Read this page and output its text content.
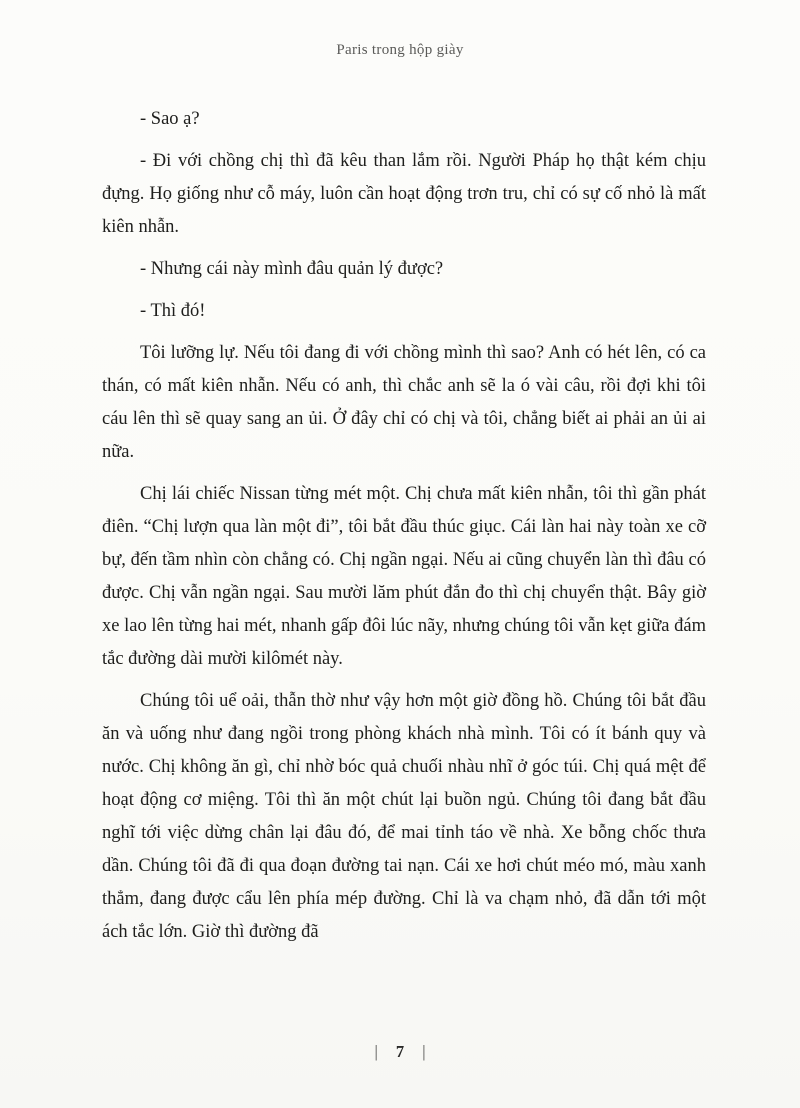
Paris trong hộp giày

- Sao ạ?

- Đi với chồng chị thì đã kêu than lắm rồi. Người Pháp họ thật kém chịu đựng. Họ giống như cỗ máy, luôn cần hoạt động trơn tru, chỉ có sự cố nhỏ là mất kiên nhẫn.

- Nhưng cái này mình đâu quản lý được?

- Thì đó!

Tôi lưỡng lự. Nếu tôi đang đi với chồng mình thì sao? Anh có hét lên, có ca thán, có mất kiên nhẫn. Nếu có anh, thì chắc anh sẽ la ó vài câu, rồi đợi khi tôi cáu lên thì sẽ quay sang an ủi. Ở đây chỉ có chị và tôi, chẳng biết ai phải an ủi ai nữa.

Chị lái chiếc Nissan từng mét một. Chị chưa mất kiên nhẫn, tôi thì gần phát điên. “Chị lượn qua làn một đi”, tôi bắt đầu thúc giục. Cái làn hai này toàn xe cỡ bự, đến tầm nhìn còn chẳng có. Chị ngần ngại. Nếu ai cũng chuyển làn thì đâu có được. Chị vẫn ngần ngại. Sau mười lăm phút đắn đo thì chị chuyển thật. Bây giờ xe lao lên từng hai mét, nhanh gấp đôi lúc nãy, nhưng chúng tôi vẫn kẹt giữa đám tắc đường dài mười kilômét này.

Chúng tôi uể oải, thẫn thờ như vậy hơn một giờ đồng hồ. Chúng tôi bắt đầu ăn và uống như đang ngồi trong phòng khách nhà mình. Tôi có ít bánh quy và nước. Chị không ăn gì, chỉ nhờ bóc quả chuối nhàu nhĩ ở góc túi. Chị quá mệt để hoạt động cơ miệng. Tôi thì ăn một chút lại buồn ngủ. Chúng tôi đang bắt đầu nghĩ tới việc dừng chân lại đâu đó, để mai tỉnh táo về nhà. Xe bỗng chốc thưa dần. Chúng tôi đã đi qua đoạn đường tai nạn. Cái xe hơi chút méo mó, màu xanh thẳm, đang được cẩu lên phía mép đường. Chỉ là va chạm nhỏ, đã dẫn tới một ách tắc lớn. Giờ thì đường đã

| 7 |
